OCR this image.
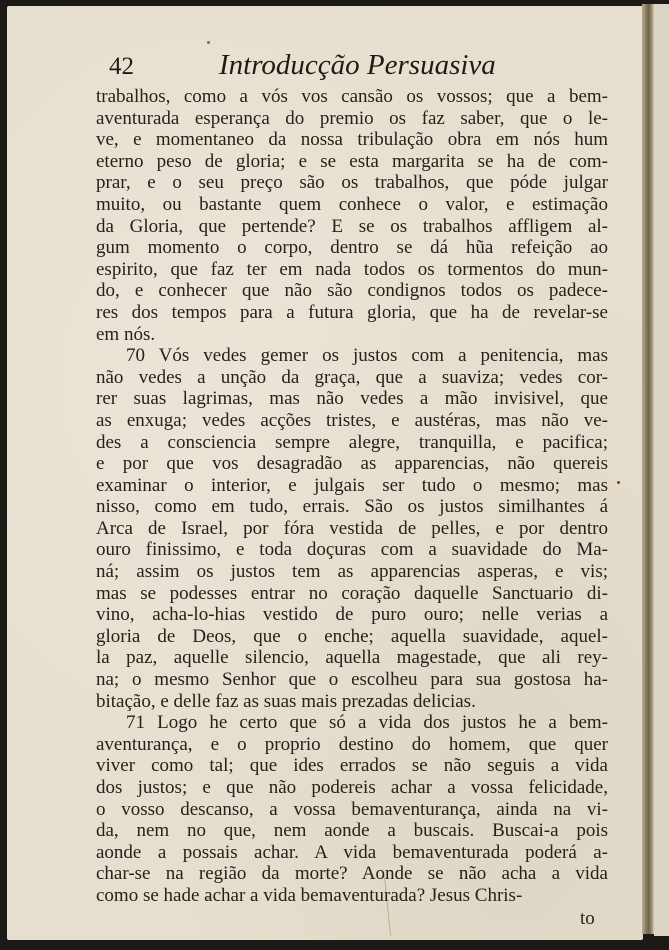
42	Introducção Persuasiva
trabalhos, como a vós vos cansão os vossos; que a bem-
aventurada esperança do premio os faz saber, que o le-
ve, e momentaneo da nossa tribulação obra em nós hum
eterno peso de gloria; e se esta margarita se ha de com-
prar, e o seu preço são os trabalhos, que póde julgar
muito, ou bastante quem conhece o valor, e estimação
da Gloria, que pertende? E se os trabalhos affligem al-
gum momento o corpo, dentro se dá hũa refeição ao
espirito, que faz ter em nada todos os tormentos do mun-
do, e conhecer que não são condignos todos os padece-
res dos tempos para a futura gloria, que ha de revelar-se
em nós.
70 Vós vedes gemer os justos com a penitencia, mas
não vedes a unção da graça, que a suaviza; vedes cor-
rer suas lagrimas, mas não vedes a mão invisivel, que
as enxuga; vedes acções tristes, e austéras, mas não ve-
des a consciencia sempre alegre, tranquilla, e pacifica;
e por que vos desagradão as apparencias, não quereis
examinar o interior, e julgais ser tudo o mesmo; mas
nisso, como em tudo, errais. São os justos similhantes á
Arca de Israel, por fóra vestida de pelles, e por dentro
ouro finissimo, e toda doçuras com a suavidade do Ma-
ná; assim os justos tem as apparencias asperas, e vis;
mas se podesses entrar no coração daquelle Sanctuario di-
vino, acha-lo-hias vestido de puro ouro; nelle verias a
gloria de Deos, que o enche; aquella suavidade, aquel-
la paz, aquelle silencio, aquella magestade, que ali rey-
na; o mesmo Senhor que o escolheu para sua gostosa ha-
bitação, e delle faz as suas mais prezadas delicias.
71 Logo he certo que só a vida dos justos he a bem-
aventurança, e o proprio destino do homem, que quer
viver como tal; que ides errados se não seguis a vida
dos justos; e que não podereis achar a vossa felicidade,
o vosso descanso, a vossa bemaventurança, ainda na vi-
da, nem no que, nem aonde a buscais. Buscai-a pois
aonde a possais achar. A vida bemaventurada poderá a-
char-se na região da morte? Aonde se não acha a vida
como se hade achar a vida bemaventurada? Jesus Chris-
to
